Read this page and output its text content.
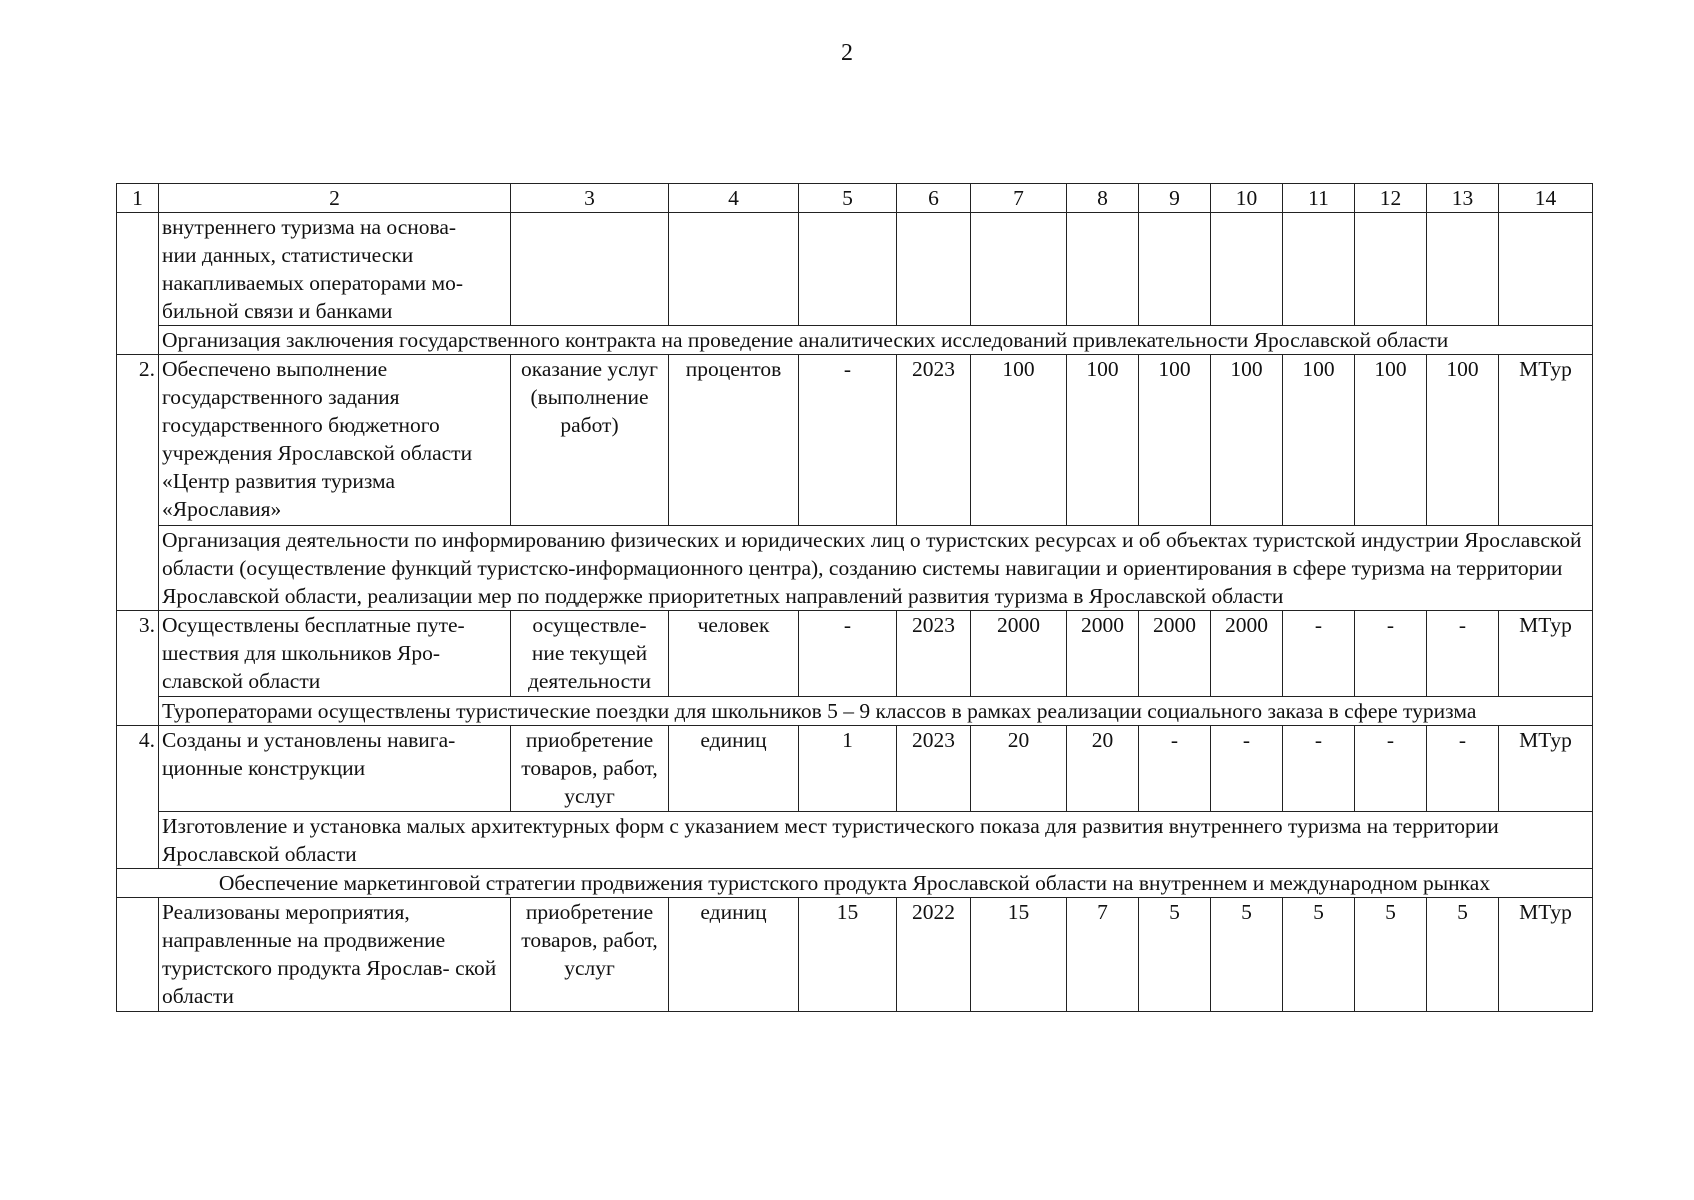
2
1	2	3	4	5	6	7	8	9	10	11	12	13	14
	внутреннего туризма на основа-
нии данных, статистически
накапливаемых операторами мо-
бильной связи и банками												
	Организация заключения государственного контракта на проведение аналитических исследований привлекательности Ярославской области												
2.	Обеспечено выполнение государственного задания государственного бюджетного учреждения Ярославской области «Центр развития туризма «Ярославия»	оказание услуг (выполнение работ)	процентов	-	2023	100	100	100	100	100	100	100	МТур
	Организация деятельности по информированию физических и юридических лиц о туристских ресурсах и об объектах туристской индустрии Ярославской области (осуществление функций туристско-информационного центра), созданию системы навигации и ориентирования в сфере туризма на территории Ярославской области, реализации мер по поддержке приоритетных направлений развития туризма в Ярославской области												
3.	Осуществлены бесплатные путе-
шествия для школьников Яро-
славской области	осуществле-
ние текущей
деятельности	человек	-	2023	2000	2000	2000	2000	-	-	-	МТур
	Туроператорами осуществлены туристические поездки для школьников 5 – 9 классов в рамках реализации социального заказа в сфере туризма												
4.	Созданы и установлены навига-
ционные конструкции	приобретение товаров, работ, услуг	единиц	1	2023	20	20	-	-	-	-	-	МТур
	Изготовление и установка малых архитектурных форм с указанием мест туристического показа для развития внутреннего туризма на территории Ярославской области												
Обеспечение маркетинговой стратегии продвижения туристского продукта Ярославской области на внутреннем и международном рынках													
	Реализованы мероприятия, направленные на продвижение туристского продукта Ярослав- ской области	приобретение товаров, работ, услуг	единиц	15	2022	15	7	5	5	5	5	5	МТур
